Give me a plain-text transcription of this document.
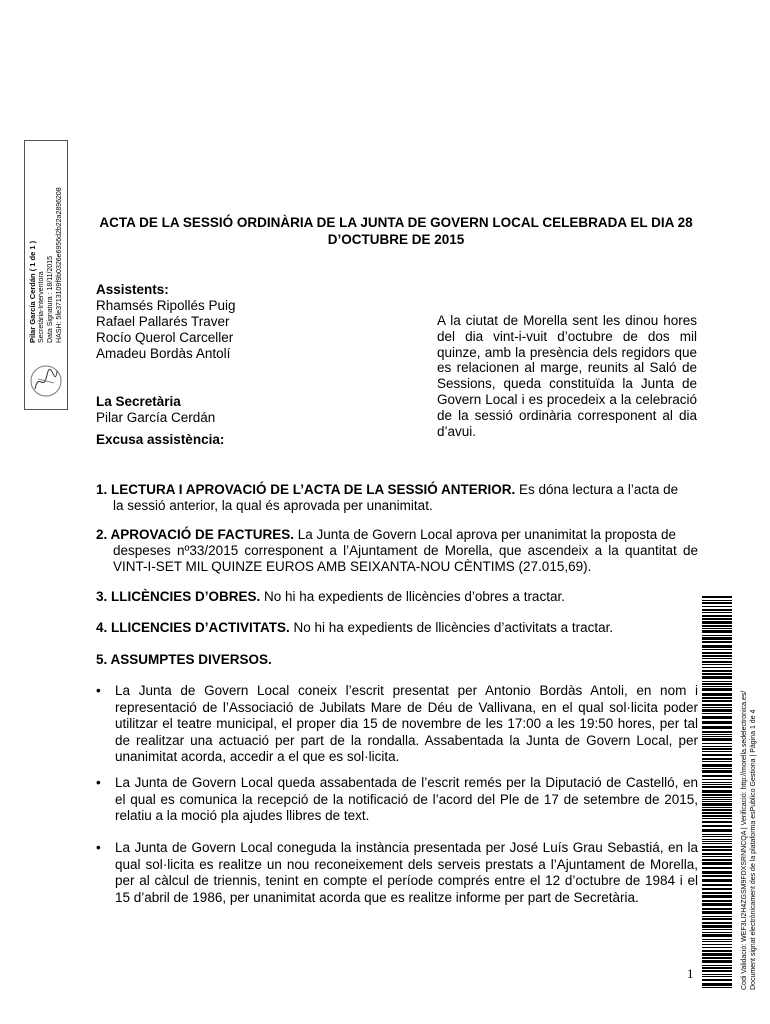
Pilar García Cerdán ( 1 de 1 ) Secretària-Interventora Data Signatura : 18/11/2015 HASH: 5fe3713109f9b0326e6956d2b22a2896208	ACTA DE LA SESSIÓ ORDINÀRIA DE LA JUNTA DE GOVERN LOCAL CELEBRADA EL DIA 28 D’OCTUBRE DE 2015
Assistents:
Rhamsés Ripollés Puig
Rafael Pallarés Traver
Rocío Querol Carceller
Amadeu Bordàs Antolí
La Secretària
Pilar García Cerdán
Excusa assistència:
A la ciutat de Morella sent les dinou hores del dia vint-i-vuit d’octubre de dos mil quinze, amb la presència dels regidors que es relacionen al marge, reunits al Saló de Sessions, queda constituïda la Junta de Govern Local i es procedeix a la celebració de la sessió ordinària corresponent al dia d’avui.
1. LECTURA I APROVACIÓ DE L’ACTA DE LA SESSIÓ ANTERIOR. Es dóna lectura a l’acta de
la sessió anterior, la qual és aprovada per unanimitat.
2. APROVACIÓ DE FACTURES. La Junta de Govern Local aprova per unanimitat la proposta de
despeses nº33/2015 corresponent a l’Ajuntament de Morella, que ascendeix a la quantitat de VINT-I-SET MIL QUINZE EUROS AMB SEIXANTA-NOU CÈNTIMS (27.015,69).
3. LLICÈNCIES D’OBRES. No hi ha expedients de llicències d’obres a tractar.
4. LLICENCIES D’ACTIVITATS. No hi ha expedients de llicències d’activitats a tractar.
5. ASSUMPTES DIVERSOS.
•	La Junta de Govern Local coneix l’escrit presentat per Antonio Bordàs Antoli, en nom i representació de l’Associació de Jubilats Mare de Déu de Vallivana, en el qual sol·licita poder utilitzar el teatre municipal, el proper dia 15 de novembre de les 17:00 a les 19:50 hores, per tal de realitzar una actuació per part de la rondalla. Assabentada la Junta de Govern Local, per unanimitat acorda, accedir a el que es sol·licita.
•	La Junta de Govern Local queda assabentada de l’escrit remés per la Diputació de Castelló, en el qual es comunica la recepció de la notificació de l’acord del Ple de 17 de setembre de 2015, relatiu a la moció pla ajudes llibres de text.
•	La Junta de Govern Local coneguda la instància presentada per José Luís Grau Sebastiá, en la qual sol·licita es realitze un nou reconeixement dels serveis prestats a l’Ajuntament de Morella, per al càlcul de triennis, tenint en compte el període comprés entre el 12 d’octubre de 1984 i el 15 d’abril de 1986, per unanimitat acorda que es realitze informe per part de Secretària.
1	Codi Validació: WEF3LI2H4ZGSM9FDXSRNNCQA | Verificació: http://morella.sedelectronica.es/ Document signat electrònicament des de la plataforma esPublico Gestiona | Pàgina 1 de 4
